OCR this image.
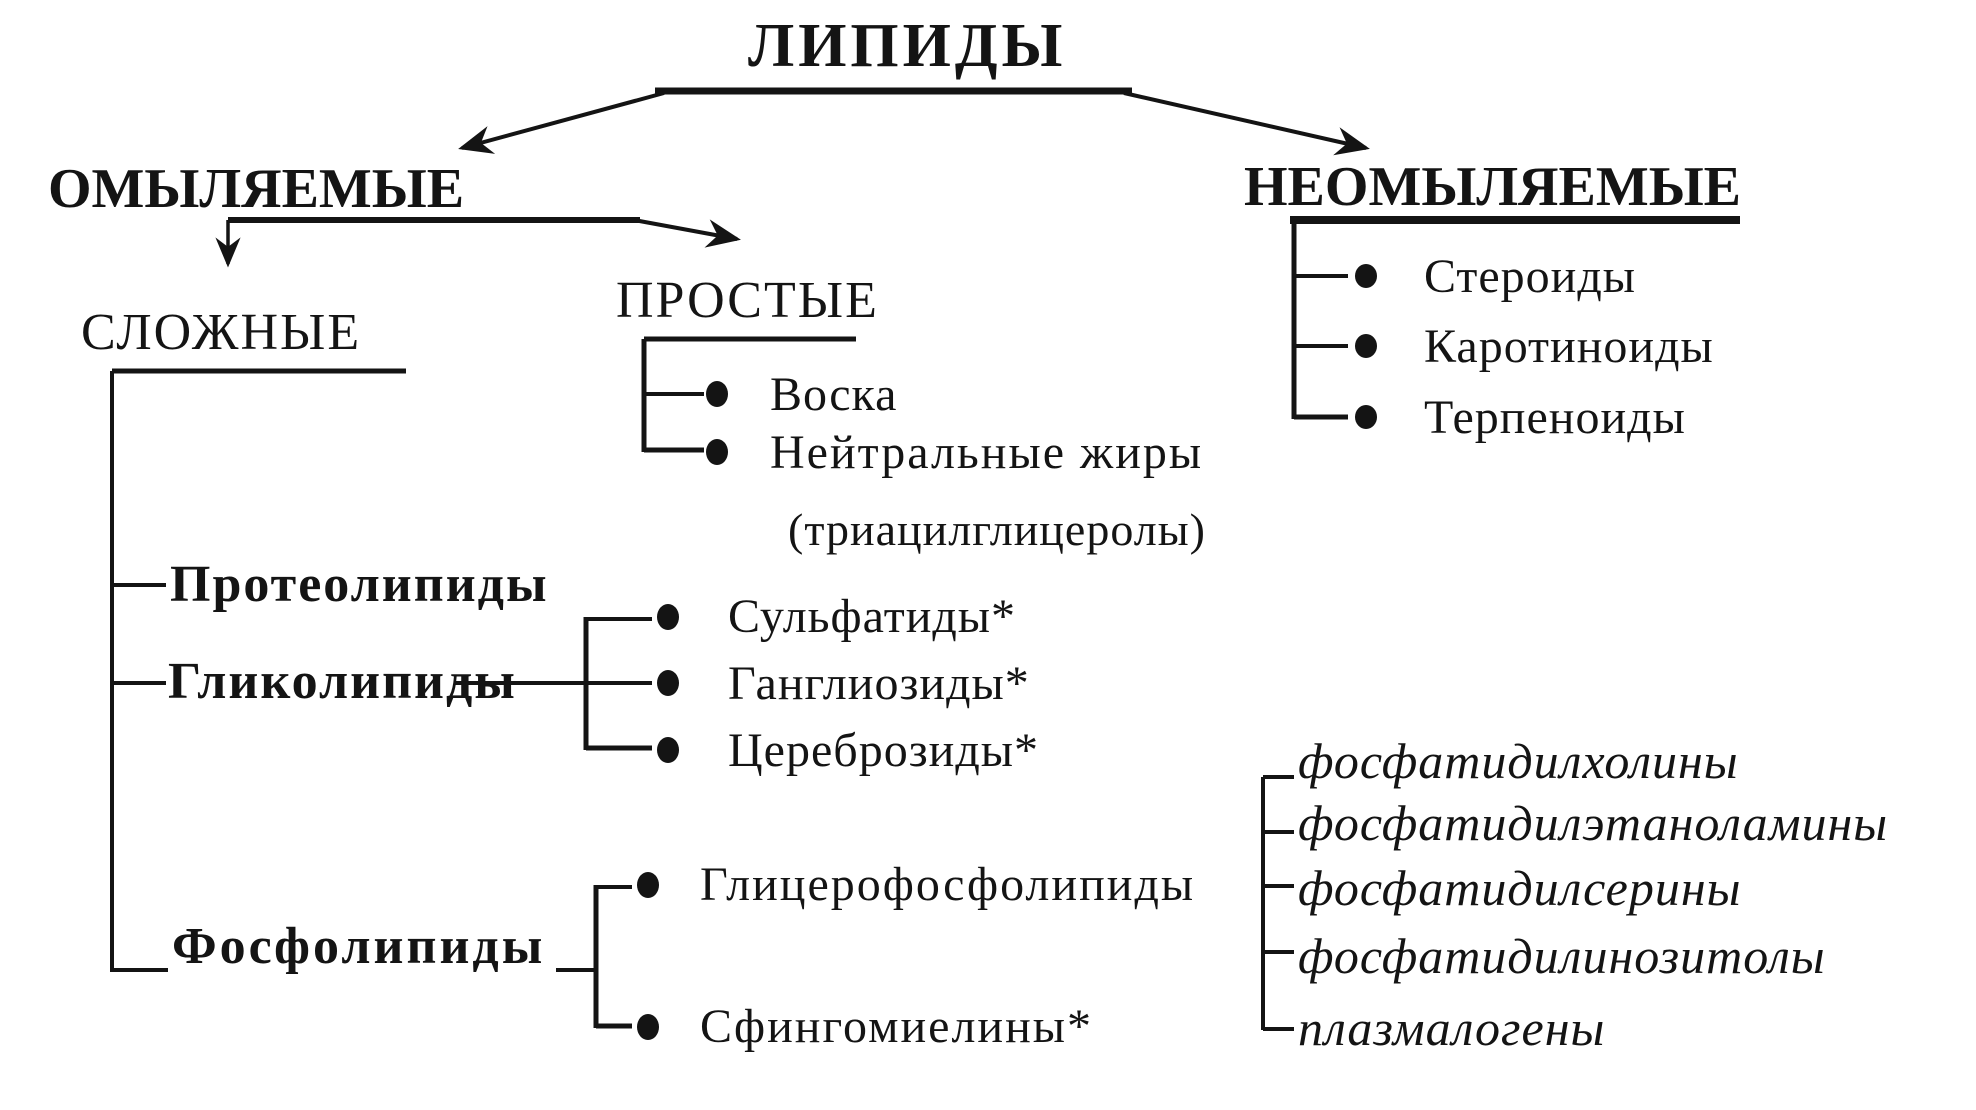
ЛИПИДЫ
ОМЫЛЯЕМЫЕ	НЕОМЫЛЯЕМЫЕ
Стероиды
Каротиноиды
Терпеноиды
ПРОСТЫЕ
Воска
Нейтральные жиры
(триацилглицеролы)
СЛОЖНЫЕ
Протеолипиды
Гликолипиды
Сульфатиды*
Ганглиозиды*
Цереброзиды*
Фосфолипиды
Глицерофосфолипиды
Сфингомиелины*
фосфатидилхолины
фосфатидилэтаноламины
фосфатидилсерины
фосфатидилинозитолы
плазмалогены
